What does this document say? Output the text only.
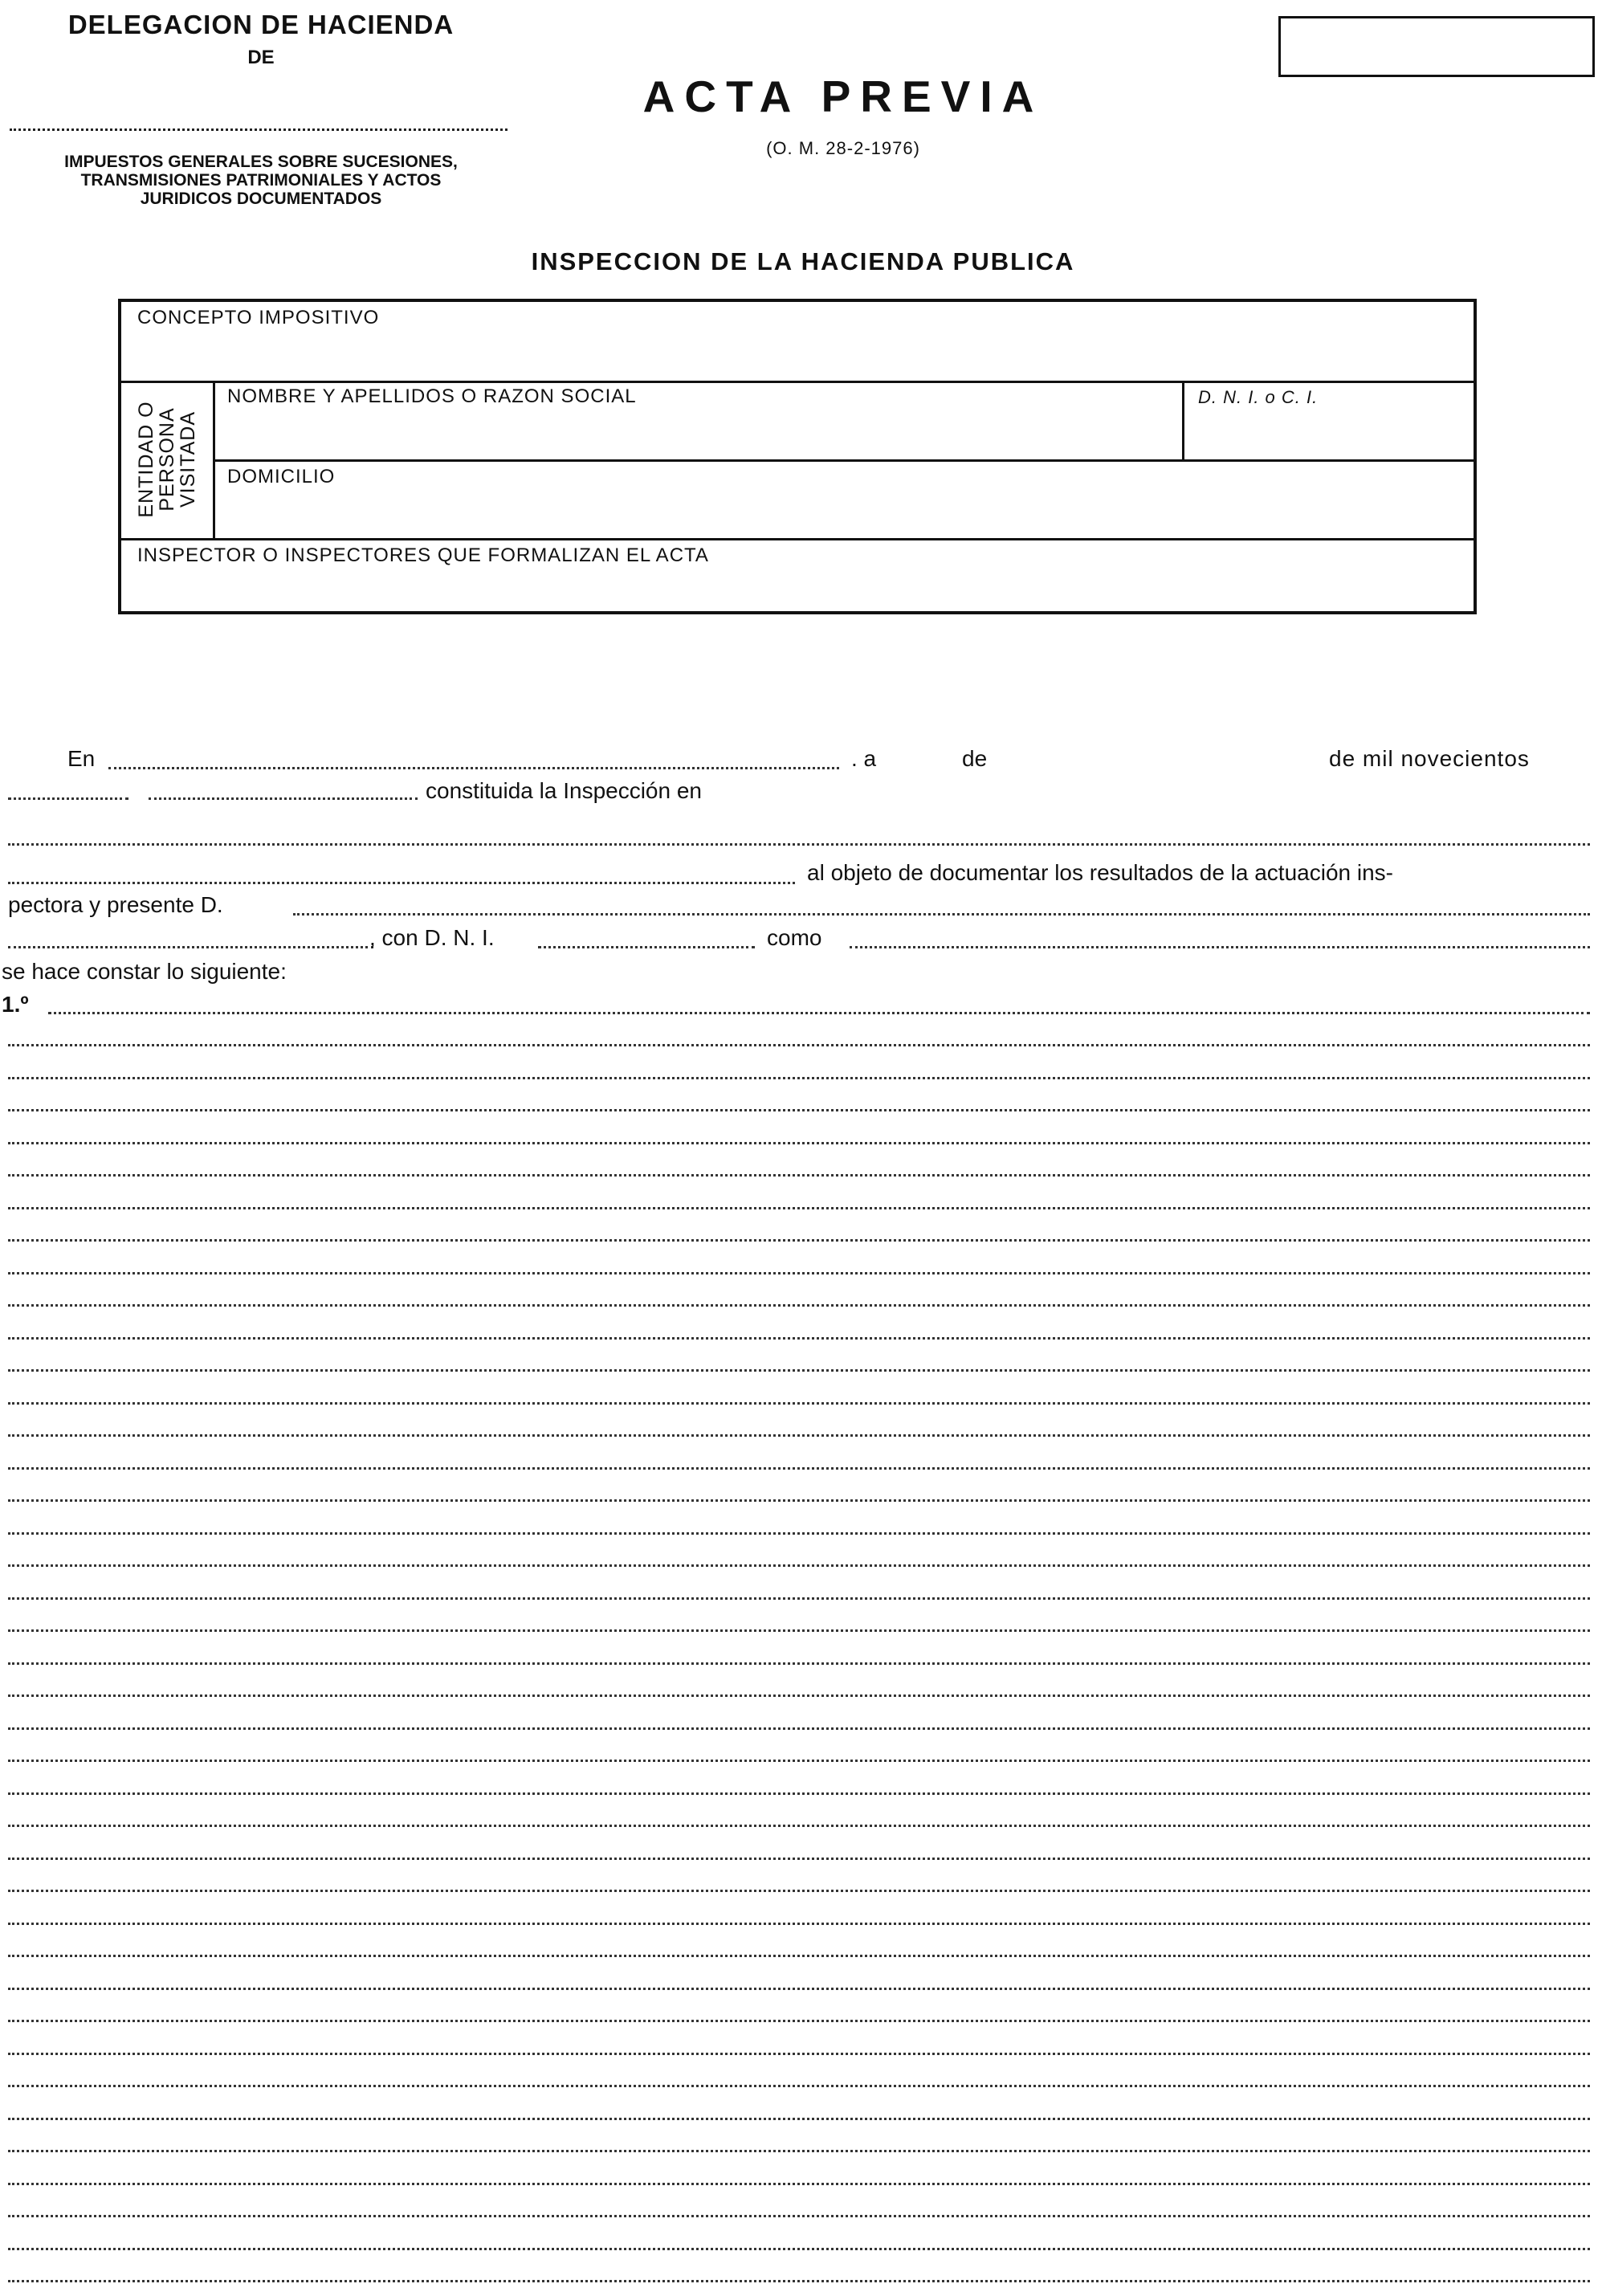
DELEGACION DE HACIENDA
DE
IMPUESTOS GENERALES SOBRE SUCESIONES,
TRANSMISIONES PATRIMONIALES Y ACTOS
JURIDICOS DOCUMENTADOS
ACTA PREVIA
(O. M. 28-2-1976)
INSPECCION DE LA HACIENDA PUBLICA
CONCEPTO IMPOSITIVO
ENTIDAD O
PERSONA
VISITADA
NOMBRE Y APELLIDOS O RAZON SOCIAL	D. N. I. o C. I.
DOMICILIO
INSPECTOR O INSPECTORES QUE FORMALIZAN EL ACTA
En	. a	de	de mil novecientos
constituida la Inspección en
al objeto de documentar los resultados de la actuación ins-
pectora y presente D.
, con D. N. I.	como
se hace constar lo siguiente:
1.º
